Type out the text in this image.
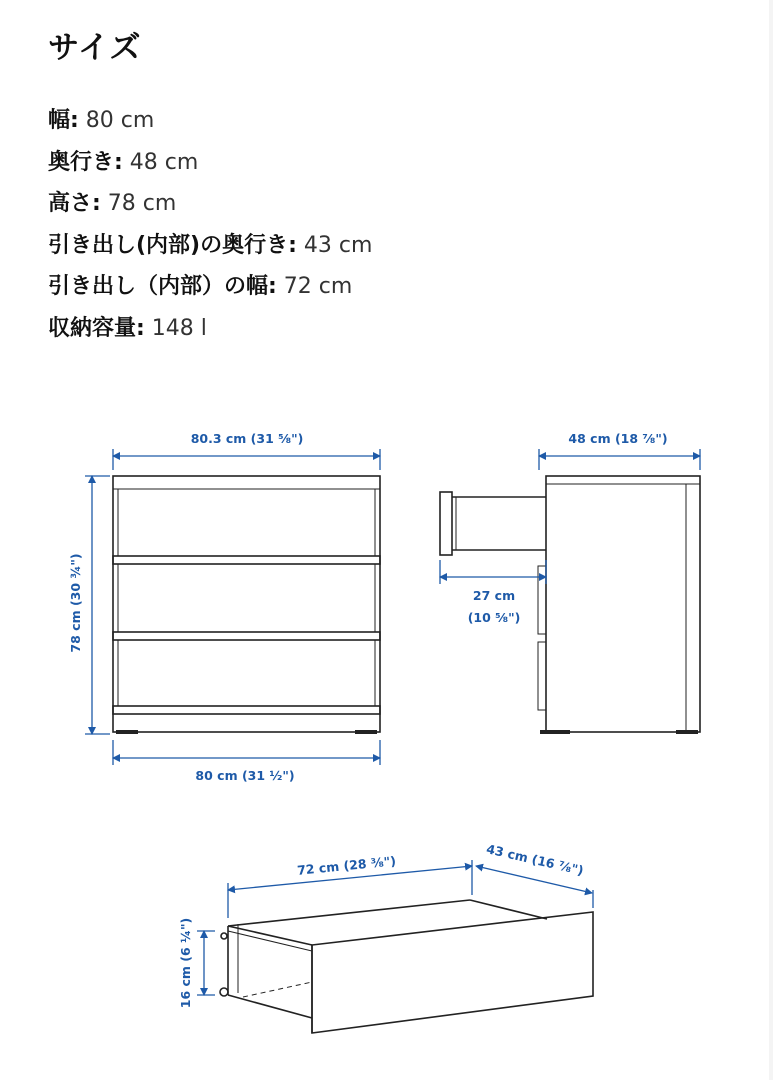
サイズ
幅: 80 cm
奥行き: 48 cm
高さ: 78 cm
引き出し(内部)の奥行き: 43 cm
引き出し（内部）の幅: 72 cm
収納容量: 148 l
80.3 cm (31 ⅝")
78 cm (30 ¾")
80 cm (31 ½")
48 cm (18 ⅞")
27 cm
(10 ⅝")
72 cm (28 ⅜")	43 cm (16 ⅞")
16 cm (6 ¼")
